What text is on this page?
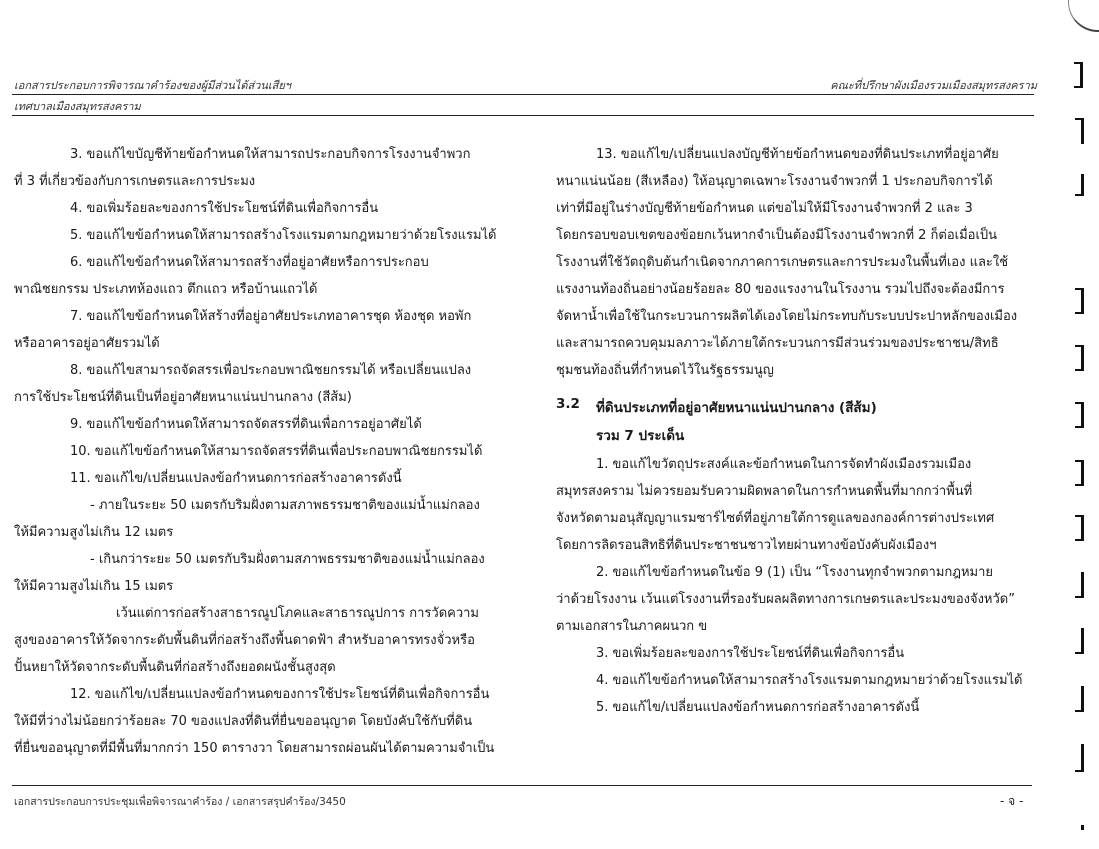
เอกสารประกอบการพิจารณาคำร้องของผู้มีส่วนได้ส่วนเสียฯ	คณะที่ปรึกษาผังเมืองรวมเมืองสมุทรสงคราม
เทศบาลเมืองสมุทรสงคราม
3. ขอแก้ไขบัญชีท้ายข้อกำหนดให้สามารถประกอบกิจการโรงงานจำพวก
ที่ 3 ที่เกี่ยวข้องกับการเกษตรและการประมง
4. ขอเพิ่มร้อยละของการใช้ประโยชน์ที่ดินเพื่อกิจการอื่น
5. ขอแก้ไขข้อกำหนดให้สามารถสร้างโรงแรมตามกฎหมายว่าด้วยโรงแรมได้
6. ขอแก้ไขข้อกำหนดให้สามารถสร้างที่อยู่อาศัยหรือการประกอบ
พาณิชยกรรม ประเภทห้องแถว ตึกแถว หรือบ้านแถวได้
7. ขอแก้ไขข้อกำหนดให้สร้างที่อยู่อาศัยประเภทอาคารชุด ห้องชุด หอพัก
หรืออาคารอยู่อาศัยรวมได้
8. ขอแก้ไขสามารถจัดสรรเพื่อประกอบพาณิชยกรรมได้ หรือเปลี่ยนแปลง
การใช้ประโยชน์ที่ดินเป็นที่อยู่อาศัยหนาแน่นปานกลาง (สีส้ม)
9. ขอแก้ไขข้อกำหนดให้สามารถจัดสรรที่ดินเพื่อการอยู่อาศัยได้
10. ขอแก้ไขข้อกำหนดให้สามารถจัดสรรที่ดินเพื่อประกอบพาณิชยกรรมได้
11. ขอแก้ไข/เปลี่ยนแปลงข้อกำหนดการก่อสร้างอาคารดังนี้
- ภายในระยะ 50 เมตรกับริมฝั่งตามสภาพธรรมชาติของแม่น้ำแม่กลอง
ให้มีความสูงไม่เกิน 12 เมตร
- เกินกว่าระยะ 50 เมตรกับริมฝั่งตามสภาพธรรมชาติของแม่น้ำแม่กลอง
ให้มีความสูงไม่เกิน 15 เมตร
เว้นแต่การก่อสร้างสาธารณูปโภคและสาธารณูปการ การวัดความ
สูงของอาคารให้วัดจากระดับพื้นดินที่ก่อสร้างถึงพื้นดาดฟ้า สำหรับอาคารทรงจั่วหรือ
ปั้นหยาให้วัดจากระดับพื้นดินที่ก่อสร้างถึงยอดผนังชั้นสูงสุด
12. ขอแก้ไข/เปลี่ยนแปลงข้อกำหนดของการใช้ประโยชน์ที่ดินเพื่อกิจการอื่น
ให้มีที่ว่างไม่น้อยกว่าร้อยละ 70 ของแปลงที่ดินที่ยื่นขออนุญาต โดยบังคับใช้กับที่ดิน
ที่ยื่นขออนุญาตที่มีพื้นที่มากกว่า 150 ตารางวา โดยสามารถผ่อนผันได้ตามความจำเป็น
13. ขอแก้ไข/เปลี่ยนแปลงบัญชีท้ายข้อกำหนดของที่ดินประเภทที่อยู่อาศัย
หนาแน่นน้อย (สีเหลือง) ให้อนุญาตเฉพาะโรงงานจำพวกที่ 1 ประกอบกิจการได้
เท่าที่มีอยู่ในร่างบัญชีท้ายข้อกำหนด แต่ขอไม่ให้มีโรงงานจำพวกที่ 2 และ 3
โดยกรอบขอบเขตของข้อยกเว้นหากจำเป็นต้องมีโรงงานจำพวกที่ 2 ก็ต่อเมื่อเป็น
โรงงานที่ใช้วัตถุดิบต้นกำเนิดจากภาคการเกษตรและการประมงในพื้นที่เอง และใช้
แรงงานท้องถิ่นอย่างน้อยร้อยละ 80 ของแรงงานในโรงงาน รวมไปถึงจะต้องมีการ
จัดหาน้ำเพื่อใช้ในกระบวนการผลิตได้เองโดยไม่กระทบกับระบบประปาหลักของเมือง
และสามารถควบคุมมลภาวะได้ภายใต้กระบวนการมีส่วนร่วมของประชาชน/สิทธิ
ชุมชนท้องถิ่นที่กำหนดไว้ในรัฐธรรมนูญ
3.2 ที่ดินประเภทที่อยู่อาศัยหนาแน่นปานกลาง (สีส้ม)
รวม 7 ประเด็น
1. ขอแก้ไขวัตถุประสงค์และข้อกำหนดในการจัดทำผังเมืองรวมเมือง
สมุทรสงคราม ไม่ควรยอมรับความผิดพลาดในการกำหนดพื้นที่มากกว่าพื้นที่
จังหวัดตามอนุสัญญาแรมซาร์ไซต์ที่อยู่ภายใต้การดูแลของกองค์การต่างประเทศ
โดยการลิดรอนสิทธิที่ดินประชาชนชาวไทยผ่านทางข้อบังคับผังเมืองฯ
2. ขอแก้ไขข้อกำหนดในข้อ 9 (1) เป็น “โรงงานทุกจำพวกตามกฎหมาย
ว่าด้วยโรงงาน เว้นแต่โรงงานที่รองรับผลผลิตทางการเกษตรและประมงของจังหวัด”
ตามเอกสารในภาคผนวก ข
3. ขอเพิ่มร้อยละของการใช้ประโยชน์ที่ดินเพื่อกิจการอื่น
4. ขอแก้ไขข้อกำหนดให้สามารถสร้างโรงแรมตามกฎหมายว่าด้วยโรงแรมได้
5. ขอแก้ไข/เปลี่ยนแปลงข้อกำหนดการก่อสร้างอาคารดังนี้
เอกสารประกอบการประชุมเพื่อพิจารณาคำร้อง / เอกสารสรุปคำร้อง/3450	- จ -
